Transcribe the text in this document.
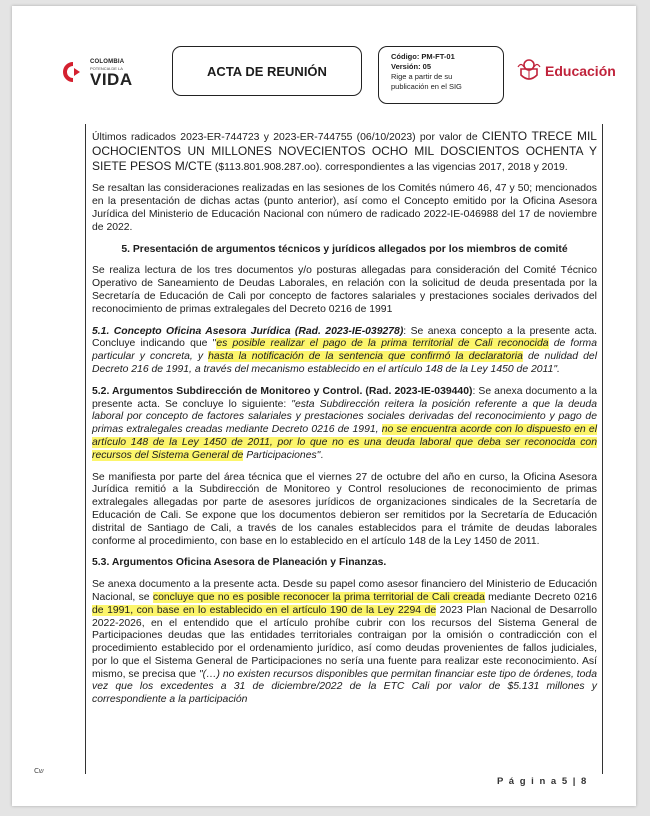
COLOMBIA
POTENCIA DE LA
VIDA	ACTA DE REUNIÓN
Código: PM-FT-01
Versión: 05
Rige a partir de su
publicación en el SIG
Educación

Últimos radicados 2023-ER-744723 y 2023-ER-744755 (06/10/2023) por valor de CIENTO TRECE MIL OCHOCIENTOS UN MILLONES NOVECIENTOS OCHO MIL DOSCIENTOS OCHENTA Y SIETE PESOS M/CTE ($113.801.908.287.oo). correspondientes a las vigencias 2017, 2018 y 2019.

Se resaltan las consideraciones realizadas en las sesiones de los Comités número 46, 47 y 50; mencionados en la presentación de dichas actas (punto anterior), así como el Concepto emitido por la Oficina Asesora Jurídica del Ministerio de Educación Nacional con número de radicado 2022-IE-046988 del 17 de noviembre de 2022.

5. Presentación de argumentos técnicos y jurídicos allegados por los miembros de comité

Se realiza lectura de los tres documentos y/o posturas allegadas para consideración del Comité Técnico Operativo de Saneamiento de Deudas Laborales, en relación con la solicitud de deuda presentada por la Secretaría de Educación de Cali por concepto de factores salariales y prestaciones sociales derivados del reconocimiento de primas extralegales del Decreto 0216 de 1991

5.1. Concepto Oficina Asesora Jurídica (Rad. 2023-IE-039278): Se anexa concepto a la presente acta. Concluye indicando que "es posible realizar el pago de la prima territorial de Cali reconocida de forma particular y concreta, y hasta la notificación de la sentencia que confirmó la declaratoria de nulidad del Decreto 216 de 1991, a través del mecanismo establecido en el artículo 148 de la Ley 1450 de 2011".

5.2. Argumentos Subdirección de Monitoreo y Control. (Rad. 2023-IE-039440): Se anexa documento a la presente acta. Se concluye lo siguiente: "esta Subdirección reitera la posición referente a que la deuda laboral por concepto de factores salariales y prestaciones sociales derivadas del reconocimiento y pago de primas extralegales creadas mediante Decreto 0216 de 1991, no se encuentra acorde con lo dispuesto en el artículo 148 de la Ley 1450 de 2011, por lo que no es una deuda laboral que deba ser reconocida con recursos del Sistema General de Participaciones".

Se manifiesta por parte del área técnica que el viernes 27 de octubre del año en curso, la Oficina Asesora Jurídica remitió a la Subdirección de Monitoreo y Control resoluciones de reconocimiento de primas extralegales allegadas por parte de asesores jurídicos de organizaciones sindicales de la Secretaría de Educación de Cali. Se expone que los documentos debieron ser remitidos por la Secretaría de Educación distrital de Santiago de Cali, a través de los canales establecidos para el trámite de deudas laborales conforme al procedimiento, con base en lo establecido en el artículo 148 de la Ley 1450 de 2011.

5.3. Argumentos Oficina Asesora de Planeación y Finanzas.

Se anexa documento a la presente acta. Desde su papel como asesor financiero del Ministerio de Educación Nacional, se concluye que no es posible reconocer la prima territorial de Cali creada mediante Decreto 0216 de 1991, con base en lo establecido en el artículo 190 de la Ley 2294 de 2023 Plan Nacional de Desarrollo 2022-2026, en el entendido que el artículo prohíbe cubrir con los recursos del Sistema General de Participaciones deudas que las entidades territoriales contraigan por la omisión o contradicción con el procedimiento establecido por el ordenamiento jurídico, así como deudas provenientes de fallos judiciales, por lo que el Sistema General de Participaciones no sería una fuente para realizar este reconocimiento. Así mismo, se precisa que "(…) no existen recursos disponibles que permitan financiar este tipo de órdenes, toda vez que los excedentes a 31 de diciembre/2022 de la ETC Cali por valor de $5.131 millones y correspondiente a la participación

P á g i n a 5 | 8
Cש
